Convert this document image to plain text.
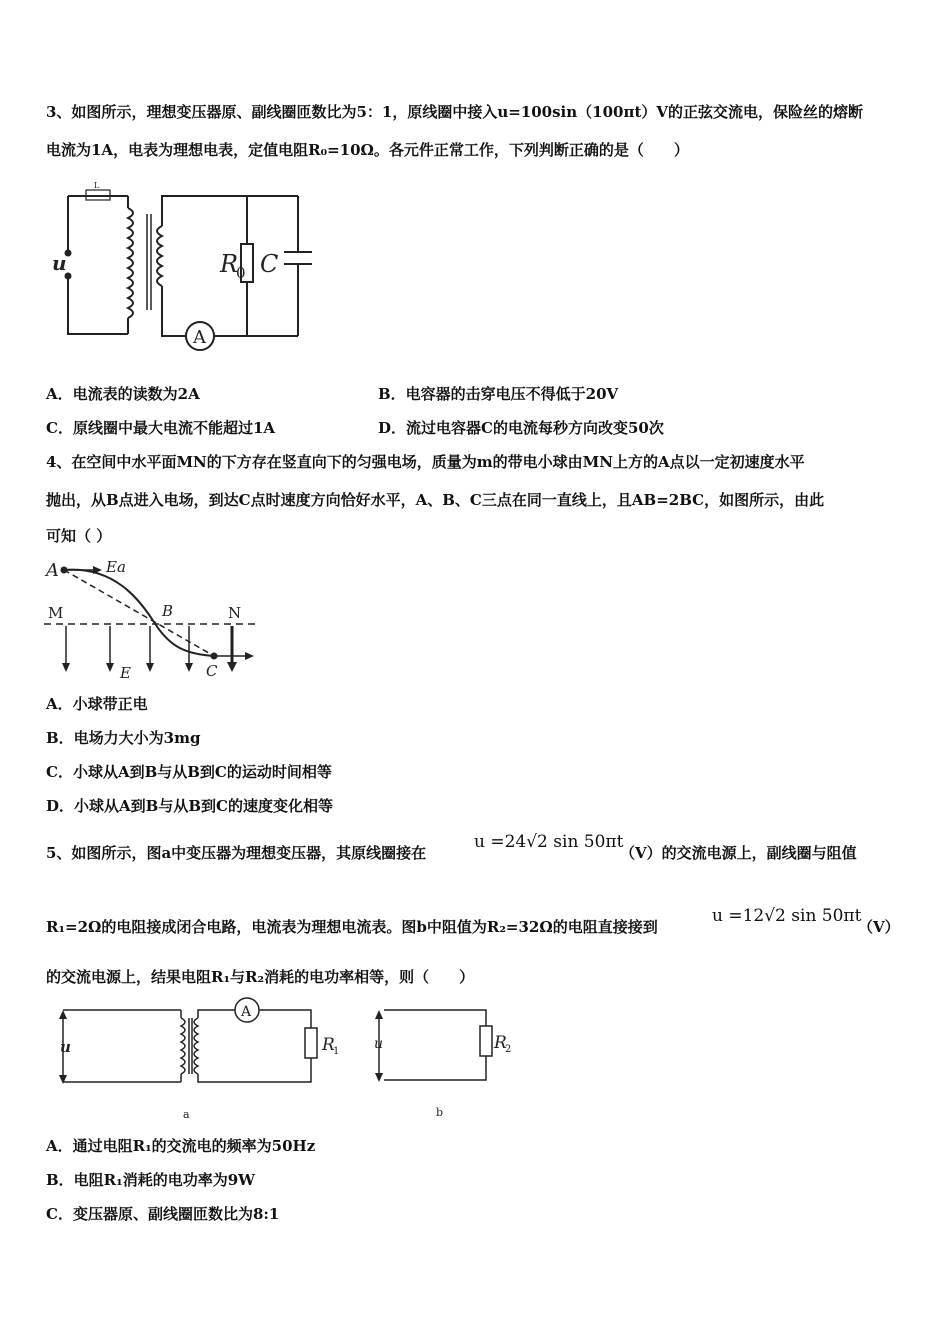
3、如图所示，理想变压器原、副线圈匝数比为5：1，原线圈中接入u=100sin（100πt）V的正弦交流电，保险丝的熔断
电流为1A，电表为理想电表，定值电阻R₀=10Ω。各元件正常工作，下列判断正确的是（　　）
u
L
R
0 C
A
A．电流表的读数为2A	B．电容器的击穿电压不得低于20V
C．原线圈中最大电流不能超过1A	D．流过电容器C的电流每秒方向改变50次
4、在空间中水平面MN的下方存在竖直向下的匀强电场，质量为m的带电小球由MN上方的A点以一定初速度水平
抛出，从B点进入电场，到达C点时速度方向恰好水平，A、B、C三点在同一直线上，且AB=2BC，如图所示，由此
可知（ ）
A	Ea
M	B	N
E	C
A．小球带正电
B．电场力大小为3mg
C．小球从A到B与从B到C的运动时间相等
D．小球从A到B与从B到C的速度变化相等
5、如图所示，图a中变压器为理想变压器，其原线圈接在
u =24√2 sin 50πt
（V）的交流电源上，副线圈与阻值
R₁=2Ω的电阻接成闭合电路，电流表为理想电流表。图b中阻值为R₂=32Ω的电阻直接接到
u =12√2 sin 50πt
（V）
的交流电源上，结果电阻R₁与R₂消耗的电功率相等，则（　　）
u
A
R
1
a
u	R
2
b
A．通过电阻R₁的交流电的频率为50Hz
B．电阻R₁消耗的电功率为9W
C．变压器原、副线圈匝数比为8:1
